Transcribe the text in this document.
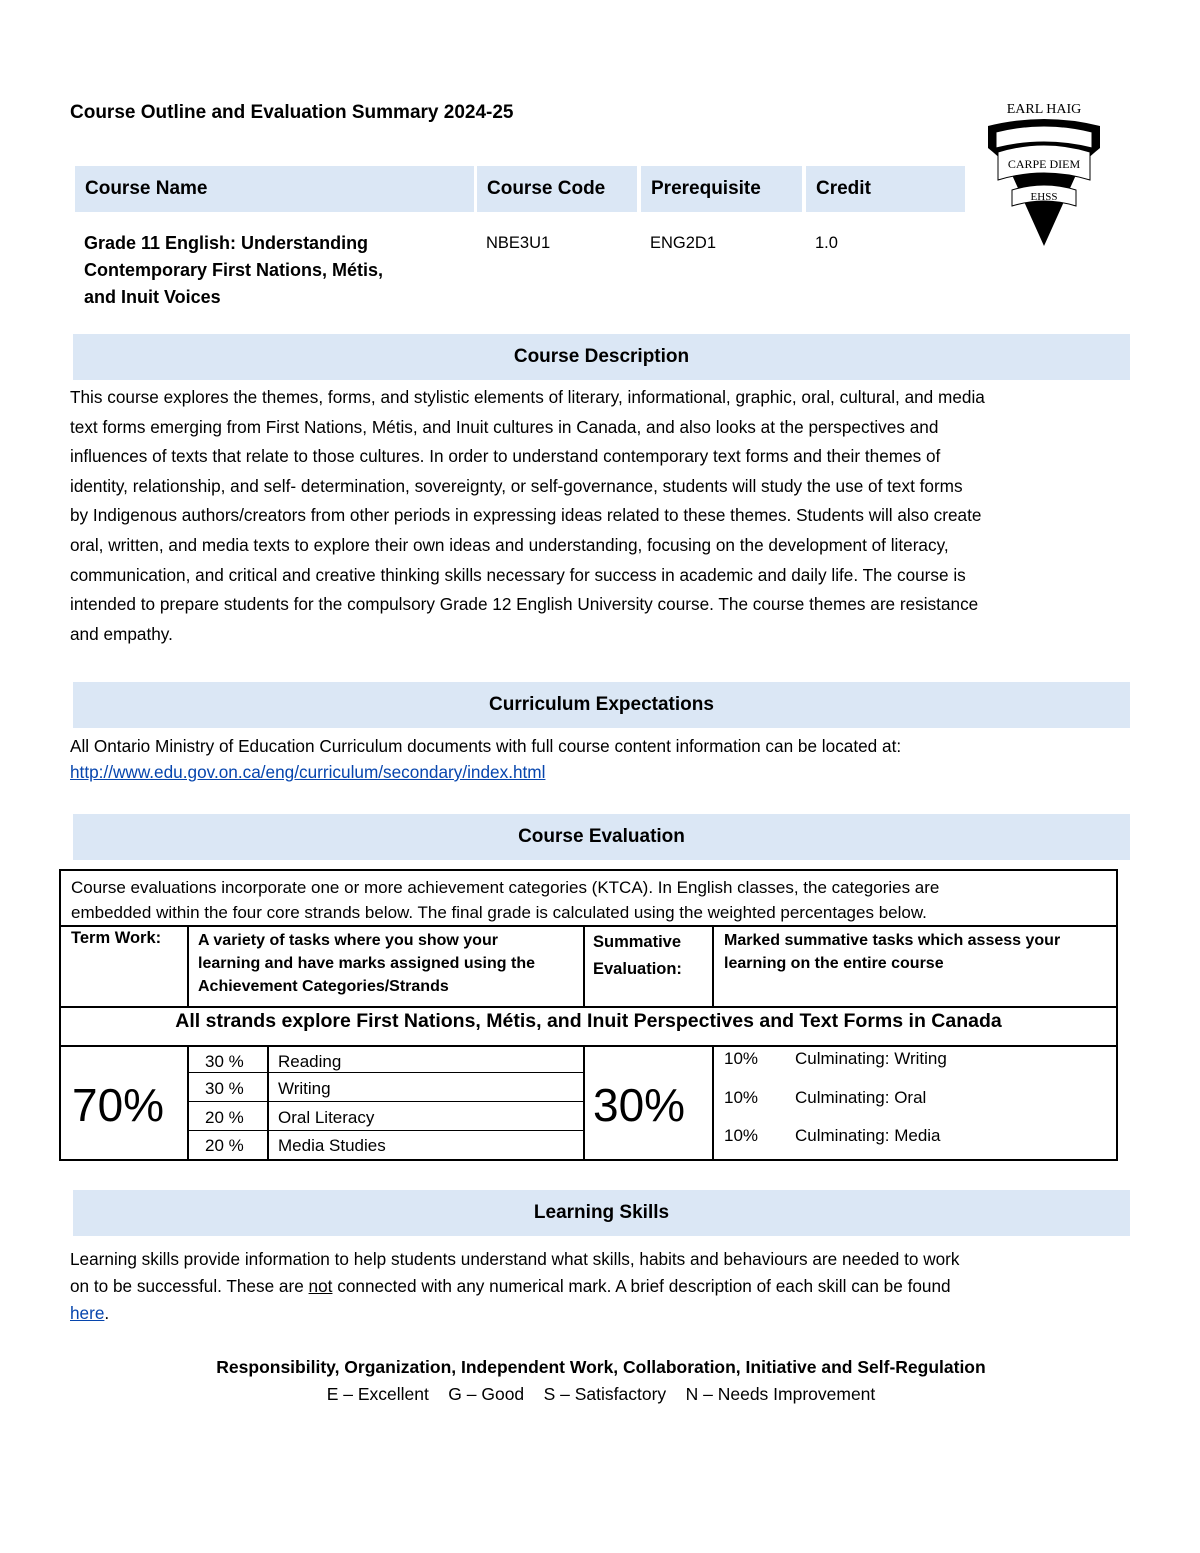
Course Outline and Evaluation Summary 2024-25	EARL HAIG
CARPE DIEM
EHSS
Course Name	Course Code	Prerequisite	Credit
Grade 11 English: Understanding
Contemporary First Nations, Métis,
and Inuit Voices
NBE3U1	ENG2D1	1.0
Course Description
This course explores the themes, forms, and stylistic elements of literary, informational, graphic, oral, cultural, and media
text forms emerging from First Nations, Métis, and Inuit cultures in Canada, and also looks at the perspectives and
influences of texts that relate to those cultures. In order to understand contemporary text forms and their themes of
identity, relationship, and self- determination, sovereignty, or self-governance, students will study the use of text forms
by Indigenous authors/creators from other periods in expressing ideas related to these themes. Students will also create
oral, written, and media texts to explore their own ideas and understanding, focusing on the development of literacy,
communication, and critical and creative thinking skills necessary for success in academic and daily life. The course is
intended to prepare students for the compulsory Grade 12 English University course. The course themes are resistance
and empathy.
Curriculum Expectations
All Ontario Ministry of Education Curriculum documents with full course content information can be located at:
http://www.edu.gov.on.ca/eng/curriculum/secondary/index.html
Course Evaluation
Course evaluations incorporate one or more achievement categories (KTCA). In English classes, the categories are
embedded within the four core strands below. The final grade is calculated using the weighted percentages below.
Term Work: A variety of tasks where you show your
learning and have marks assigned using the
Achievement Categories/Strands
Summative
Evaluation:
Marked summative tasks which assess your
learning on the entire course
All strands explore First Nations, Métis, and Inuit Perspectives and Text Forms in Canada
70%
30 % Reading
30 % Writing
20 % Oral Literacy
20 % Media Studies
30%
10% Culminating: Writing
10% Culminating: Oral
10% Culminating: Media
Learning Skills
Learning skills provide information to help students understand what skills, habits and behaviours are needed to work
on to be successful. These are not connected with any numerical mark. A brief description of each skill can be found
here.
Responsibility, Organization, Independent Work, Collaboration, Initiative and Self-Regulation
E – Excellent    G – Good    S – Satisfactory    N – Needs Improvement
